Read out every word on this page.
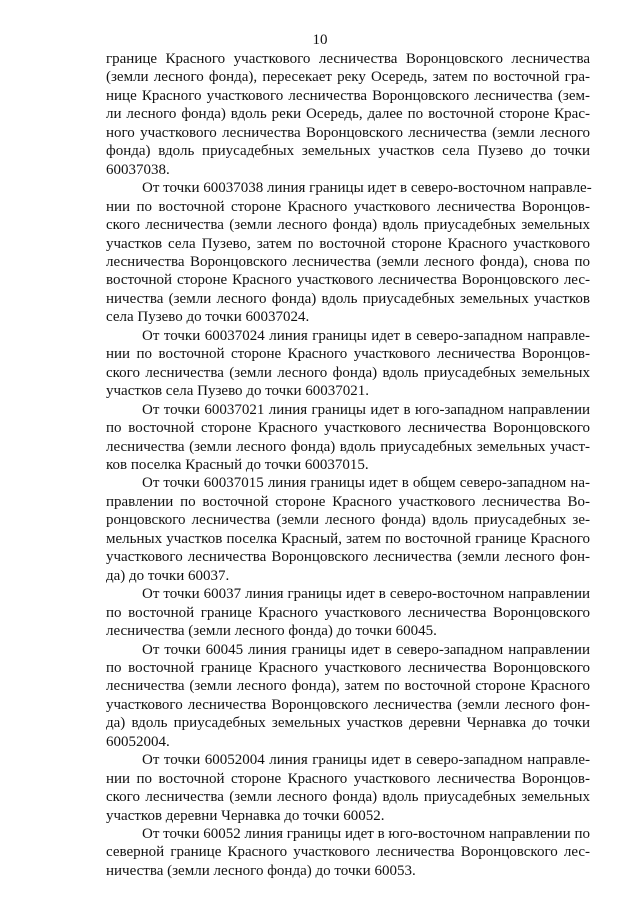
10

границе Красного участкового лесничества Воронцовского лесничества
(земли лесного фонда), пересекает реку Осередь, затем по восточной гра-
нице Красного участкового лесничества Воронцовского лесничества (зем-
ли лесного фонда) вдоль реки Осередь, далее по восточной стороне Крас-
ного участкового лесничества Воронцовского лесничества (земли лесного
фонда) вдоль приусадебных земельных участков села Пузево до точки
60037038.

От точки 60037038 линия границы идет в северо-восточном направле-
нии по восточной стороне Красного участкового лесничества Воронцов-
ского лесничества (земли лесного фонда) вдоль приусадебных земельных
участков села Пузево, затем по восточной стороне Красного участкового
лесничества Воронцовского лесничества (земли лесного фонда), снова по
восточной стороне Красного участкового лесничества Воронцовского лес-
ничества (земли лесного фонда) вдоль приусадебных земельных участков
села Пузево до точки 60037024.

От точки 60037024 линия границы идет в северо-западном направле-
нии по восточной стороне Красного участкового лесничества Воронцов-
ского лесничества (земли лесного фонда) вдоль приусадебных земельных
участков села Пузево до точки 60037021.

От точки 60037021 линия границы идет в юго-западном направлении
по восточной стороне Красного участкового лесничества Воронцовского
лесничества (земли лесного фонда) вдоль приусадебных земельных участ-
ков поселка Красный до точки 60037015.

От точки 60037015 линия границы идет в общем северо-западном на-
правлении по восточной стороне Красного участкового лесничества Во-
ронцовского лесничества (земли лесного фонда) вдоль приусадебных зе-
мельных участков поселка Красный, затем по восточной границе Красного
участкового лесничества Воронцовского лесничества (земли лесного фон-
да) до точки 60037.

От точки 60037 линия границы идет в северо-восточном направлении
по восточной границе Красного участкового лесничества Воронцовского
лесничества (земли лесного фонда) до точки 60045.

От точки 60045 линия границы идет в северо-западном направлении
по восточной границе Красного участкового лесничества Воронцовского
лесничества (земли лесного фонда), затем по восточной стороне Красного
участкового лесничества Воронцовского лесничества (земли лесного фон-
да) вдоль приусадебных земельных участков деревни Чернавка до точки
60052004.

От точки 60052004 линия границы идет в северо-западном направле-
нии по восточной стороне Красного участкового лесничества Воронцов-
ского лесничества (земли лесного фонда) вдоль приусадебных земельных
участков деревни Чернавка до точки 60052.

От точки 60052 линия границы идет в юго-восточном направлении по
северной границе Красного участкового лесничества Воронцовского лес-
ничества (земли лесного фонда) до точки 60053.
